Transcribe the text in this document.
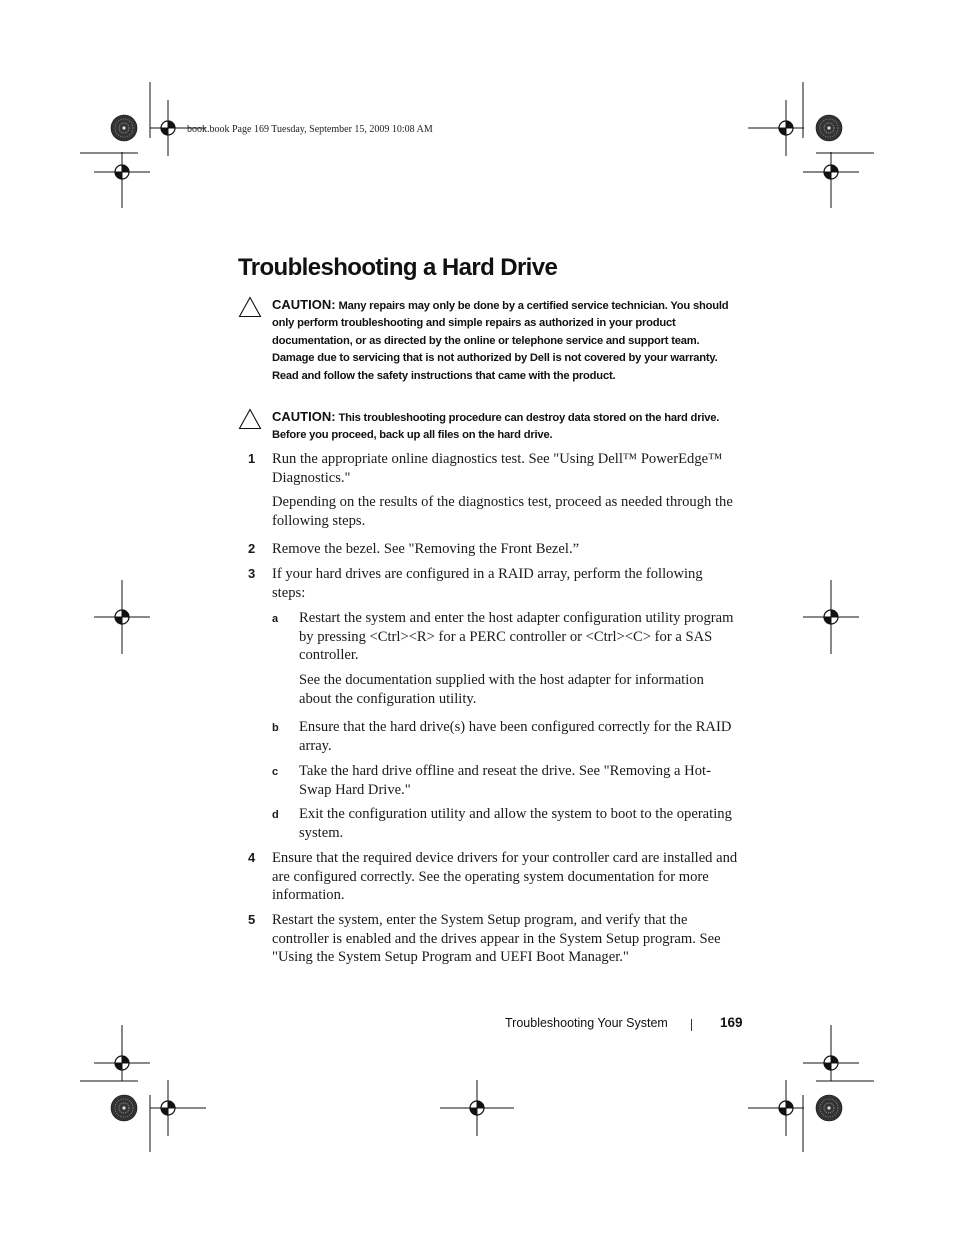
book.book Page 169 Tuesday, September 15, 2009 10:08 AM
Troubleshooting a Hard Drive
CAUTION: Many repairs may only be done by a certified service technician. You should only perform troubleshooting and simple repairs as authorized in your product documentation, or as directed by the online or telephone service and support team. Damage due to servicing that is not authorized by Dell is not covered by your warranty. Read and follow the safety instructions that came with the product.
CAUTION: This troubleshooting procedure can destroy data stored on the hard drive. Before you proceed, back up all files on the hard drive.
1 Run the appropriate online diagnostics test. See "Using Dell™ PowerEdge™ Diagnostics."
Depending on the results of the diagnostics test, proceed as needed through the following steps.
2 Remove the bezel. See "Removing the Front Bezel.”
3 If your hard drives are configured in a RAID array, perform the following steps:
a Restart the system and enter the host adapter configuration utility program by pressing <Ctrl><R> for a PERC controller or <Ctrl><C> for a SAS controller.
See the documentation supplied with the host adapter for information about the configuration utility.
b Ensure that the hard drive(s) have been configured correctly for the RAID array.
c Take the hard drive offline and reseat the drive. See "Removing a Hot-Swap Hard Drive."
d Exit the configuration utility and allow the system to boot to the operating system.
4 Ensure that the required device drivers for your controller card are installed and are configured correctly. See the operating system documentation for more information.
5 Restart the system, enter the System Setup program, and verify that the controller is enabled and the drives appear in the System Setup program. See "Using the System Setup Program and UEFI Boot Manager."
Troubleshooting Your System	169
